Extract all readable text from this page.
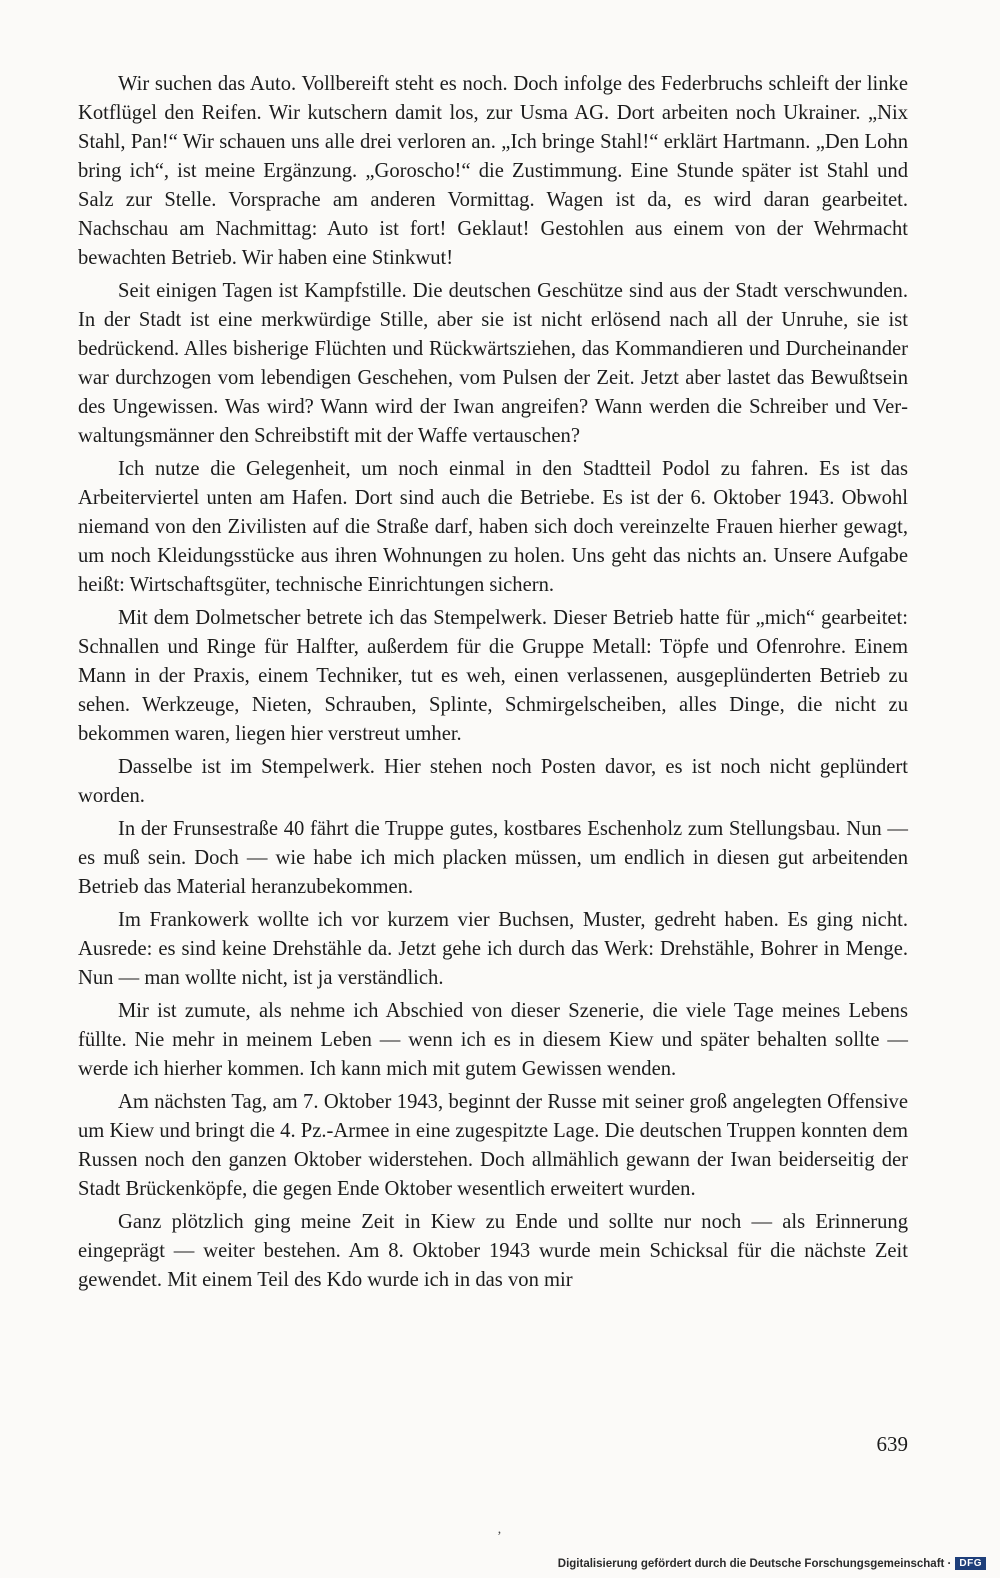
Wir suchen das Auto. Vollbereift steht es noch. Doch infolge des Federbruchs schleift der linke Kotflügel den Reifen. Wir kutschern damit los, zur Usma AG. Dort arbeiten noch Ukrainer. „Nix Stahl, Pan!“ Wir schauen uns alle drei verloren an. „Ich bringe Stahl!“ erklärt Hartmann. „Den Lohn bring ich“, ist meine Ergänzung. „Goroscho!“ die Zustimmung. Eine Stunde später ist Stahl und Salz zur Stelle. Vorsprache am anderen Vormittag. Wagen ist da, es wird daran gearbeitet. Nachschau am Nachmittag: Auto ist fort! Geklaut! Gestohlen aus einem von der Wehrmacht bewachten Betrieb. Wir haben eine Stinkwut!

Seit einigen Tagen ist Kampfstille. Die deutschen Geschütze sind aus der Stadt verschwunden. In der Stadt ist eine merkwürdige Stille, aber sie ist nicht erlösend nach all der Unruhe, sie ist bedrückend. Alles bisherige Flüchten und Rückwärtsziehen, das Kommandieren und Durcheinander war durchzogen vom lebendigen Geschehen, vom Pulsen der Zeit. Jetzt aber lastet das Bewußtsein des Ungewissen. Was wird? Wann wird der Iwan angreifen? Wann werden die Schreiber und Verwaltungsmänner den Schreibstift mit der Waffe vertauschen?

Ich nutze die Gelegenheit, um noch einmal in den Stadtteil Podol zu fahren. Es ist das Arbeiterviertel unten am Hafen. Dort sind auch die Betriebe. Es ist der 6. Oktober 1943. Obwohl niemand von den Zivilisten auf die Straße darf, haben sich doch vereinzelte Frauen hierher gewagt, um noch Kleidungsstücke aus ihren Wohnungen zu holen. Uns geht das nichts an. Unsere Aufgabe heißt: Wirtschaftsgüter, technische Einrichtungen sichern.

Mit dem Dolmetscher betrete ich das Stempelwerk. Dieser Betrieb hatte für „mich“ gearbeitet: Schnallen und Ringe für Halfter, außerdem für die Gruppe Metall: Töpfe und Ofenrohre. Einem Mann in der Praxis, einem Techniker, tut es weh, einen verlassenen, ausgeplünderten Betrieb zu sehen. Werkzeuge, Nieten, Schrauben, Splinte, Schmirgelscheiben, alles Dinge, die nicht zu bekommen waren, liegen hier verstreut umher.

Dasselbe ist im Stempelwerk. Hier stehen noch Posten davor, es ist noch nicht geplündert worden.

In der Frunsestraße 40 fährt die Truppe gutes, kostbares Eschenholz zum Stellungsbau. Nun — es muß sein. Doch — wie habe ich mich placken müssen, um endlich in diesen gut arbeitenden Betrieb das Material heranzubekommen.

Im Frankowerk wollte ich vor kurzem vier Buchsen, Muster, gedreht haben. Es ging nicht. Ausrede: es sind keine Drehstähle da. Jetzt gehe ich durch das Werk: Drehstähle, Bohrer in Menge. Nun — man wollte nicht, ist ja verständlich.

Mir ist zumute, als nehme ich Abschied von dieser Szenerie, die viele Tage meines Lebens füllte. Nie mehr in meinem Leben — wenn ich es in diesem Kiew und später behalten sollte — werde ich hierher kommen. Ich kann mich mit gutem Gewissen wenden.

Am nächsten Tag, am 7. Oktober 1943, beginnt der Russe mit seiner groß angelegten Offensive um Kiew und bringt die 4. Pz.-Armee in eine zugespitzte Lage. Die deutschen Truppen konnten dem Russen noch den ganzen Oktober widerstehen. Doch allmählich gewann der Iwan beiderseitig der Stadt Brückenköpfe, die gegen Ende Oktober wesentlich erweitert wurden.

Ganz plötzlich ging meine Zeit in Kiew zu Ende und sollte nur noch — als Erinnerung eingeprägt — weiter bestehen. Am 8. Oktober 1943 wurde mein Schicksal für die nächste Zeit gewendet. Mit einem Teil des Kdo wurde ich in das von mir

639
‚
Digitalisierung gefördert durch die Deutsche Forschungsgemeinschaft · DFG
